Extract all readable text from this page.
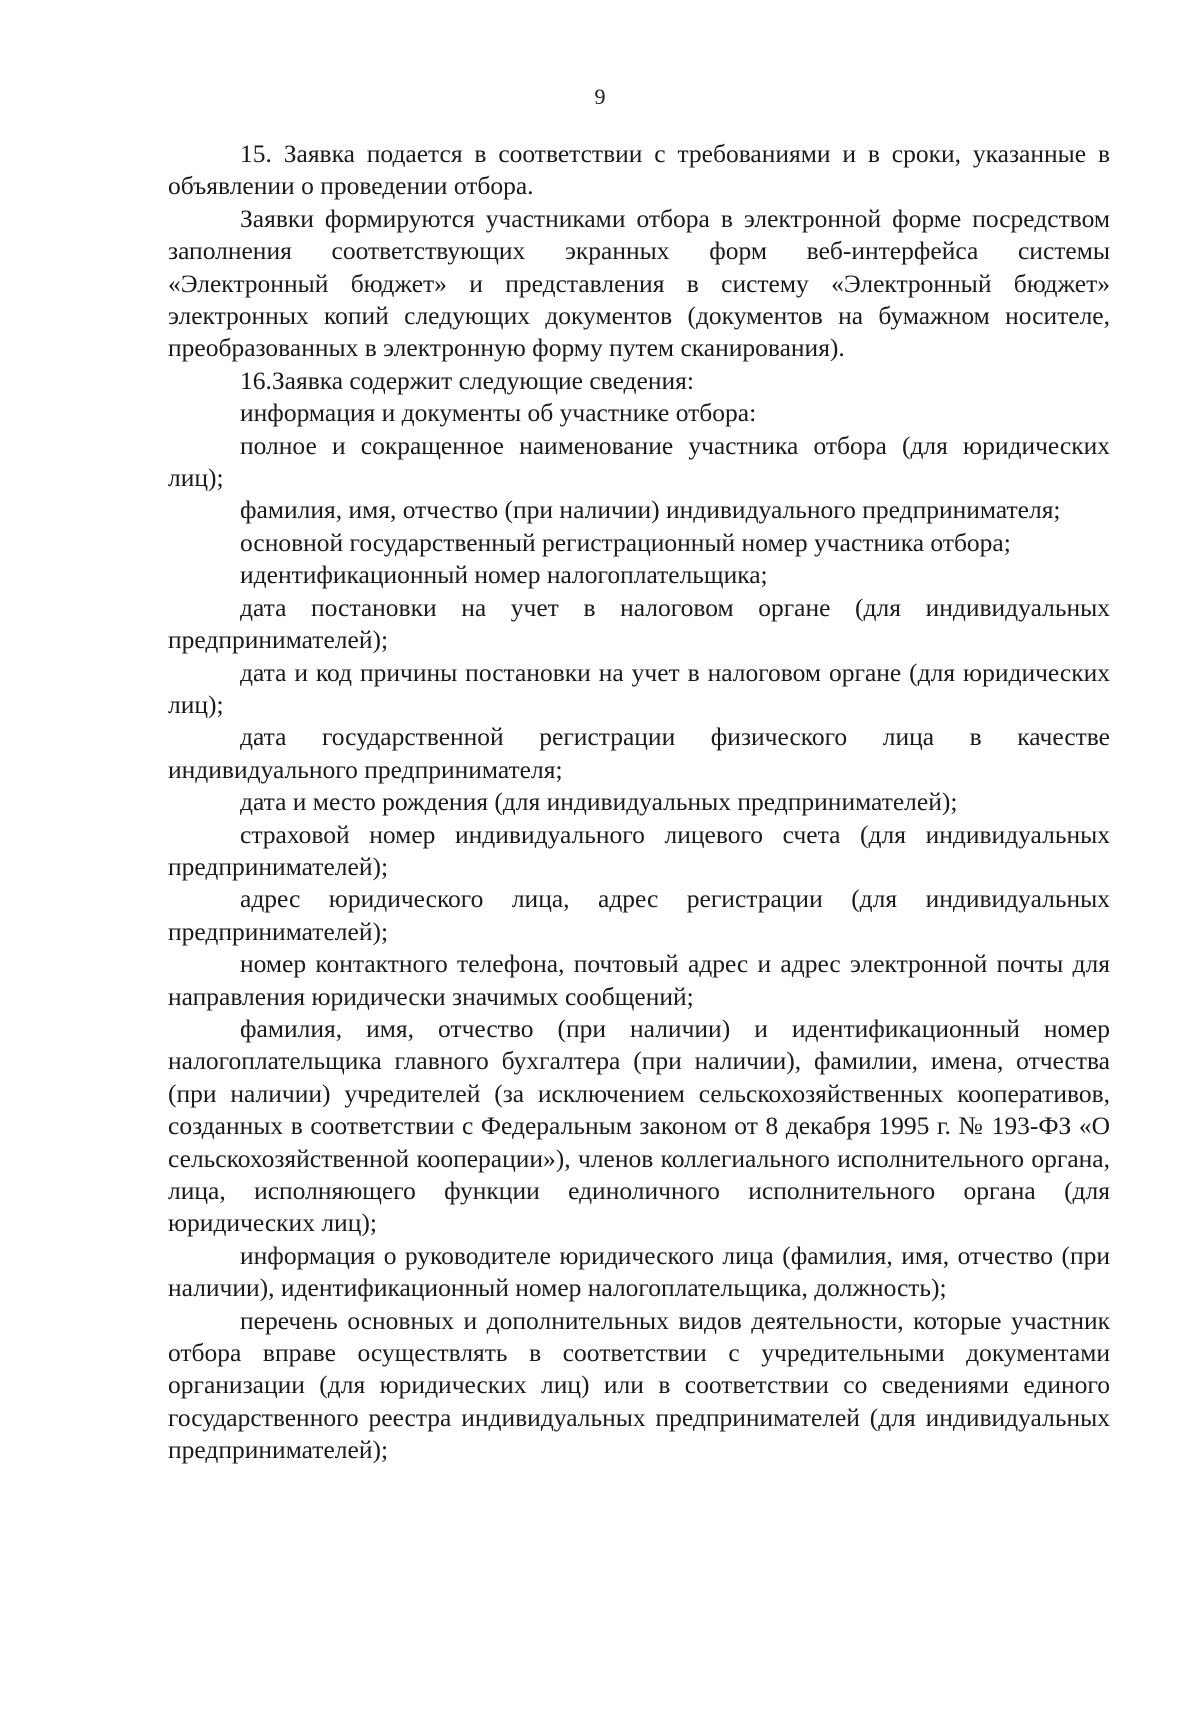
9

15. Заявка подается в соответствии с требованиями и в сроки, указанные в объявлении о проведении отбора.

Заявки формируются участниками отбора в электронной форме посредством заполнения соответствующих экранных форм веб-интерфейса системы «Электронный бюджет» и представления в систему «Электронный бюджет» электронных копий следующих документов (документов на бумажном носителе, преобразованных в электронную форму путем сканирования).

16.Заявка содержит следующие сведения:

информация и документы об участнике отбора:

полное и сокращенное наименование участника отбора (для юридических лиц);

фамилия, имя, отчество (при наличии) индивидуального предпринимателя;

основной государственный регистрационный номер участника отбора;

идентификационный номер налогоплательщика;

дата постановки на учет в налоговом органе (для индивидуальных предпринимателей);

дата и код причины постановки на учет в налоговом органе (для юридических лиц);

дата государственной регистрации физического лица в качестве индивидуального предпринимателя;

дата и место рождения (для индивидуальных предпринимателей);

страховой номер индивидуального лицевого счета (для индивидуальных предпринимателей);

адрес юридического лица, адрес регистрации (для индивидуальных предпринимателей);

номер контактного телефона, почтовый адрес и адрес электронной почты для направления юридически значимых сообщений;

фамилия, имя, отчество (при наличии) и идентификационный номер налогоплательщика главного бухгалтера (при наличии), фамилии, имена, отчества (при наличии) учредителей (за исключением сельскохозяйственных кооперативов, созданных в соответствии с Федеральным законом от 8 декабря 1995 г. № 193-ФЗ «О сельскохозяйственной кооперации»), членов коллегиального исполнительного органа, лица, исполняющего функции единоличного исполнительного органа (для юридических лиц);

информация о руководителе юридического лица (фамилия, имя, отчество (при наличии), идентификационный номер налогоплательщика, должность);

перечень основных и дополнительных видов деятельности, которые участник отбора вправе осуществлять в соответствии с учредительными документами организации (для юридических лиц) или в соответствии со сведениями единого государственного реестра индивидуальных предпринимателей (для индивидуальных предпринимателей);
